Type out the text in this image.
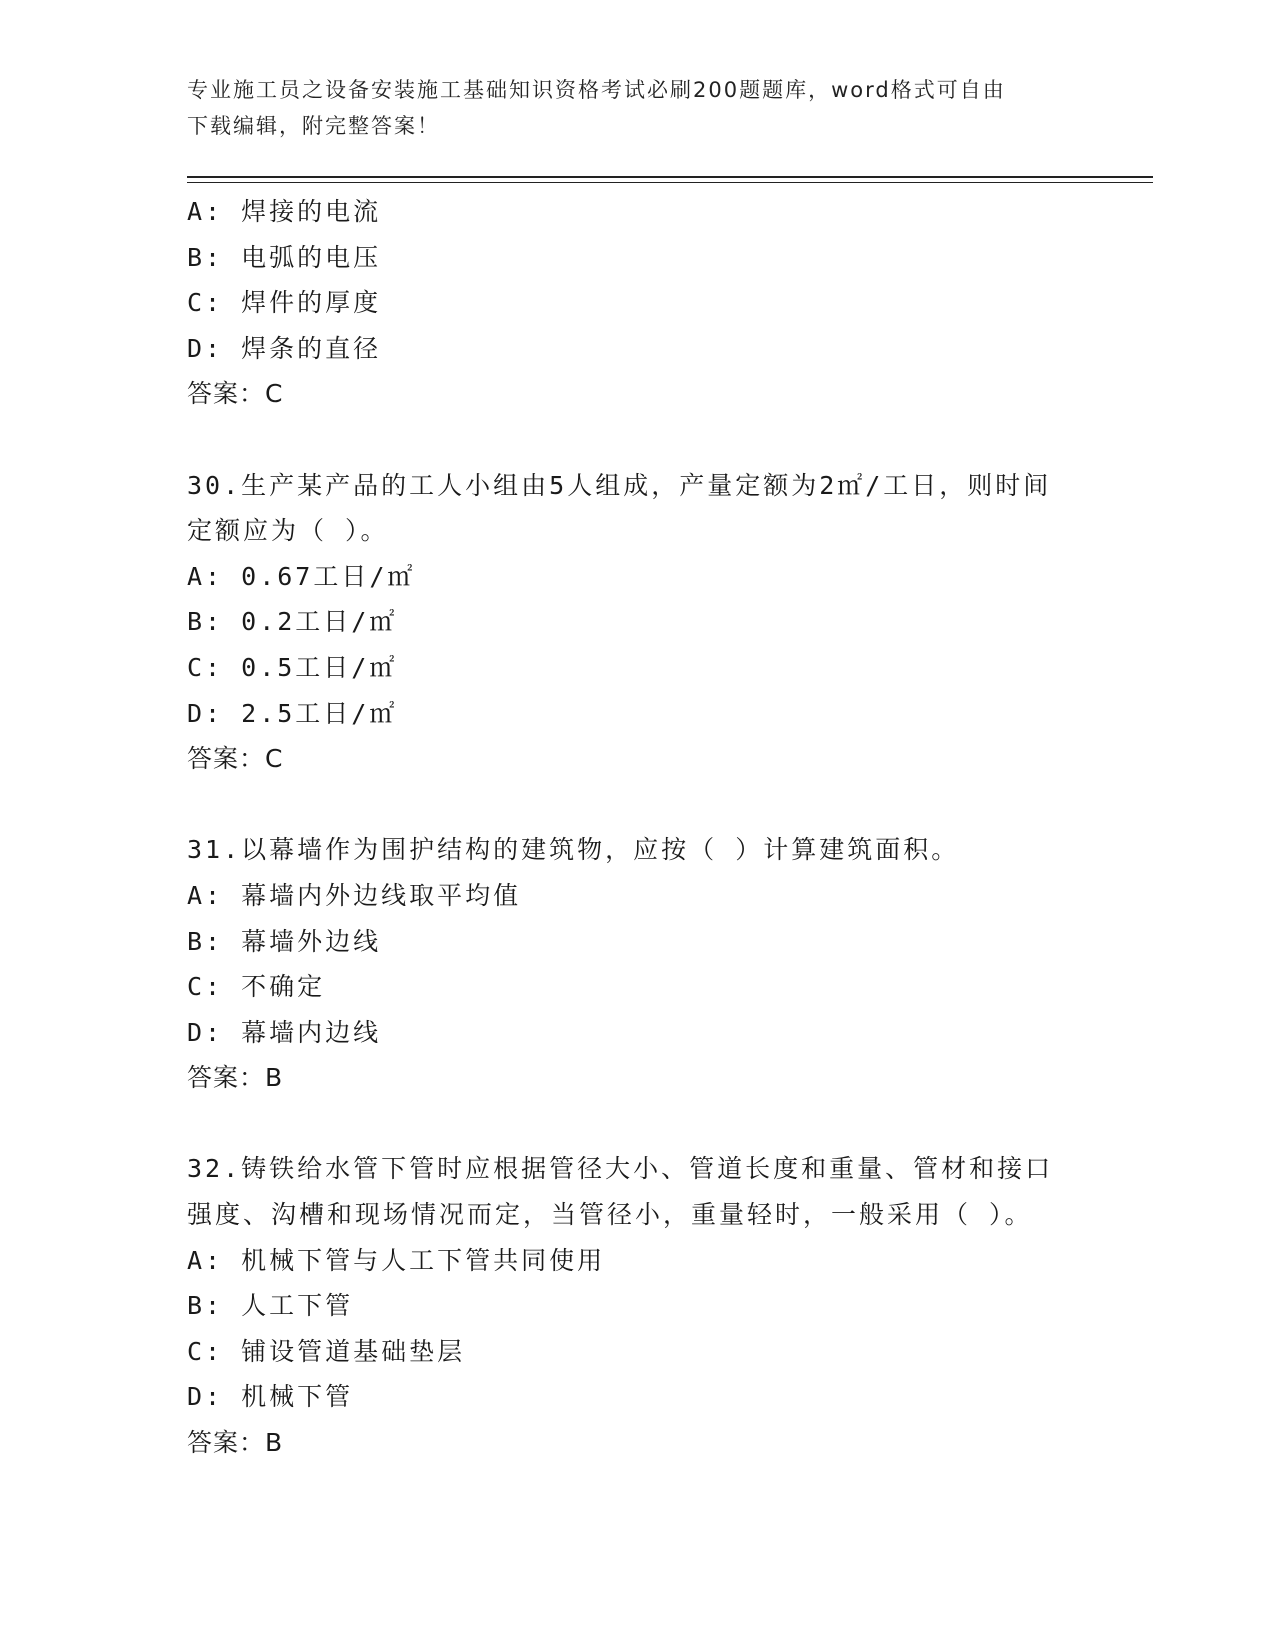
专业施工员之设备安装施工基础知识资格考试必刷200题题库，word格式可自由
下载编辑，附完整答案！
A: 焊接的电流
B: 电弧的电压
C: 焊件的厚度
D: 焊条的直径
答案：C
30.生产某产品的工人小组由5人组成，产量定额为2㎡/工日，则时间
定额应为（ ）。
A: 0.67工日/㎡
B: 0.2工日/㎡
C: 0.5工日/㎡
D: 2.5工日/㎡
答案：C
31.以幕墙作为围护结构的建筑物，应按（ ）计算建筑面积。
A: 幕墙内外边线取平均值
B: 幕墙外边线
C: 不确定
D: 幕墙内边线
答案：B
32.铸铁给水管下管时应根据管径大小、管道长度和重量、管材和接口
强度、沟槽和现场情况而定，当管径小，重量轻时，一般采用（ ）。
A: 机械下管与人工下管共同使用
B: 人工下管
C: 铺设管道基础垫层
D: 机械下管
答案：B
